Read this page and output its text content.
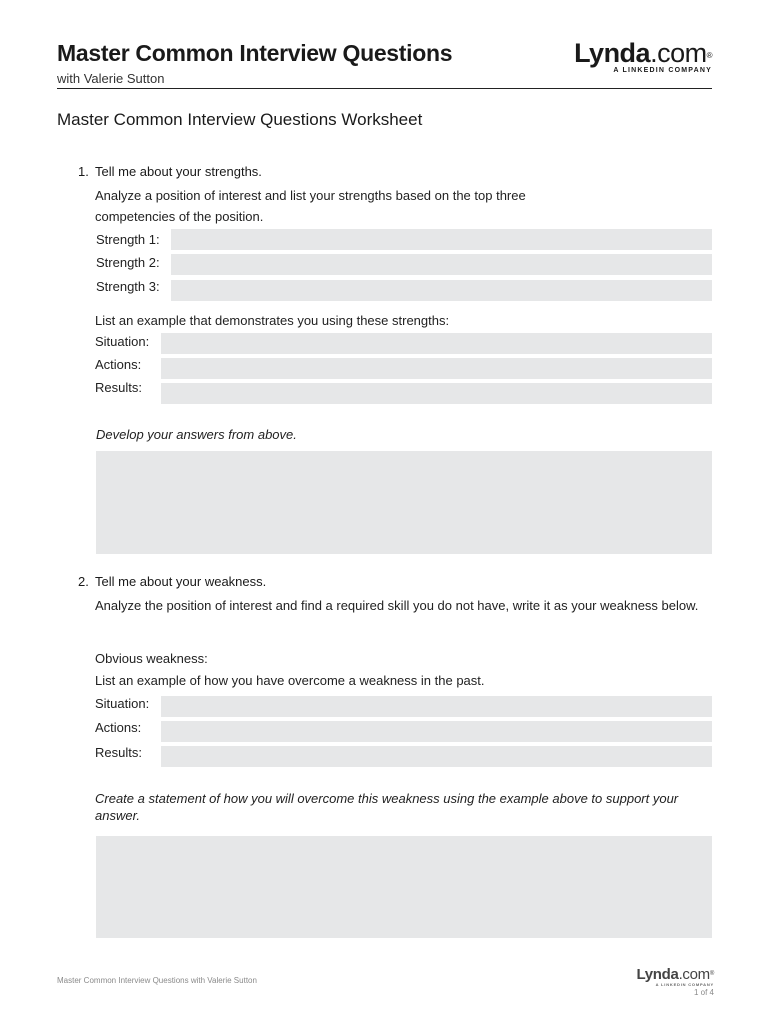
Master Common Interview Questions
with Valerie Sutton
Lynda.com®
A LINKEDIN COMPANY
Master Common Interview Questions Worksheet
1. Tell me about your strengths.
Analyze a position of interest and list your strengths based on the top three competencies of the position.
Strength 1:
Strength 2:
Strength 3:
List an example that demonstrates you using these strengths:
Situation:
Actions:
Results:
Develop your answers from above.
2. Tell me about your weakness.
Analyze the position of interest and find a required skill you do not have, write it as your weakness below.
Obvious weakness:
List an example of how you have overcome a weakness in the past.
Situation:
Actions:
Results:
Create a statement of how you will overcome this weakness using the example above to support your answer.
Master Common Interview Questions with Valerie Sutton	Lynda.com®
A LINKEDIN COMPANY
1 of 4
